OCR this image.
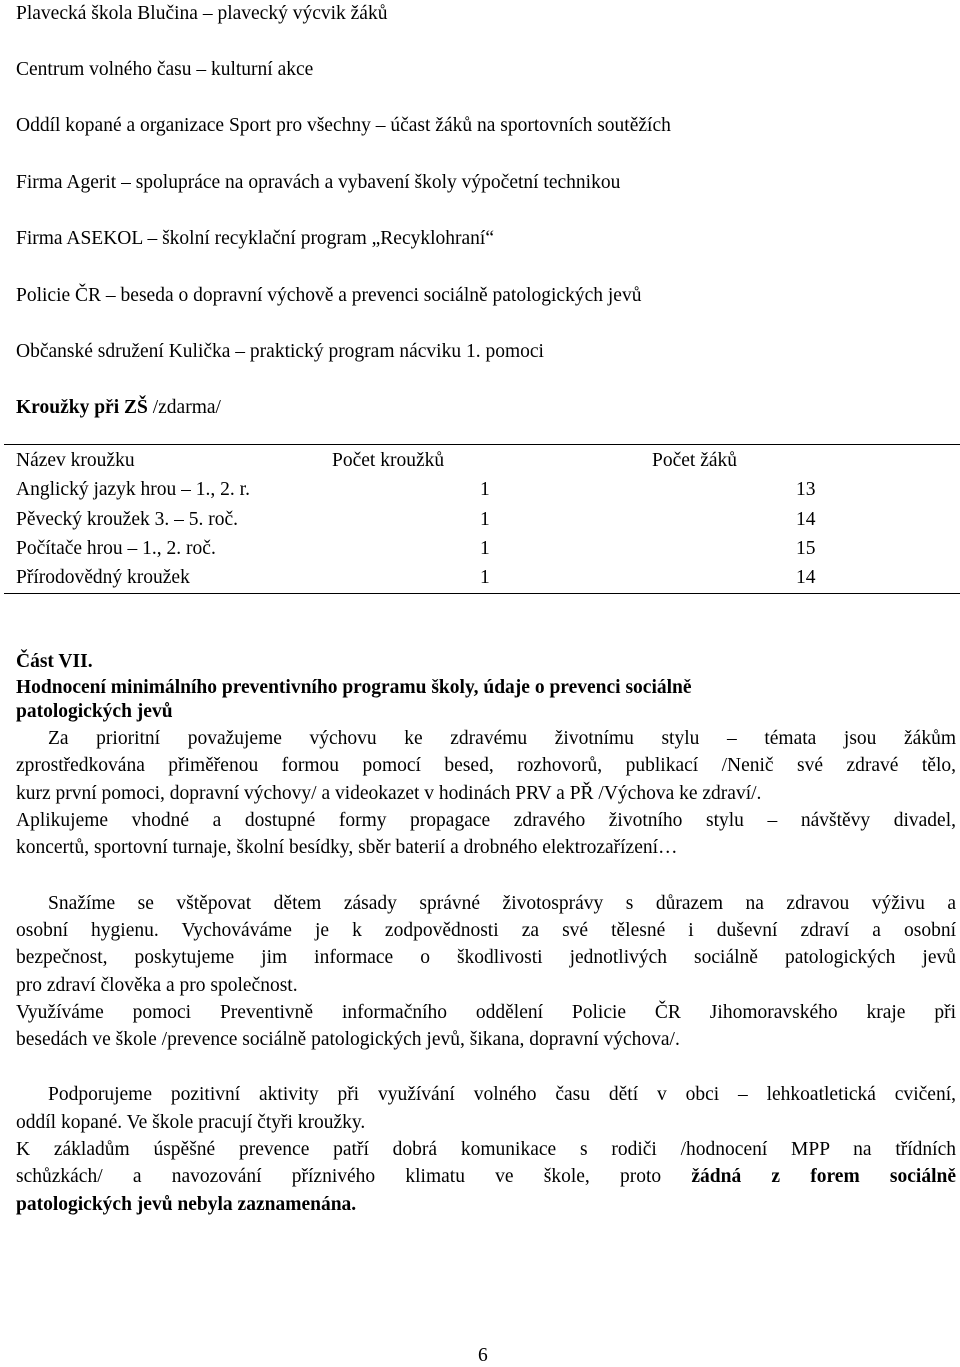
Plavecká škola Blučina – plavecký výcvik žáků

Centrum volného času – kulturní akce

Oddíl kopané a organizace Sport pro všechny – účast žáků na sportovních soutěžích

Firma Agerit – spolupráce na opravách a vybavení školy výpočetní technikou

Firma ASEKOL – školní recyklační program „Recyklohraní“

Policie ČR – beseda o dopravní výchově a prevenci sociálně patologických jevů

Občanské sdružení Kulička – praktický program nácviku 1. pomoci

Kroužky při ZŠ /zdarma/

Název kroužku	Počet kroužků	Počet žáků
Anglický jazyk hrou – 1., 2. r.	1	13
Pěvecký kroužek 3. – 5. roč.	1	14
Počítače hrou – 1., 2. roč.	1	15
Přírodovědný kroužek	1	14
Část VII.
Hodnocení minimálního preventivního programu školy, údaje o prevenci sociálně
patologických jevů
Za prioritní považujeme výchovu ke zdravému životnímu stylu – témata jsou žákům
zprostředkována přiměřenou formou pomocí besed, rozhovorů, publikací /Nenič své zdravé tělo,
kurz první pomoci, dopravní výchovy/ a videokazet v hodinách PRV a PŘ /Výchova ke zdraví/.
Aplikujeme vhodné a dostupné formy propagace zdravého životního stylu – návštěvy divadel,
koncertů, sportovní turnaje, školní besídky, sběr baterií a drobného elektrozařízení…
Snažíme se vštěpovat dětem zásady správné životosprávy s důrazem na zdravou výživu a
osobní hygienu. Vychováváme je k zodpovědnosti za své tělesné i duševní zdraví a osobní
bezpečnost, poskytujeme jim informace o škodlivosti jednotlivých sociálně patologických jevů
pro zdraví člověka a pro společnost.
Využíváme pomoci Preventivně informačního oddělení Policie ČR Jihomoravského kraje při
besedách ve škole /prevence sociálně patologických jevů, šikana, dopravní výchova/.
Podporujeme pozitivní aktivity při využívání volného času dětí v obci – lehkoatletická cvičení,
oddíl kopané. Ve škole pracují čtyři kroužky.
K základům úspěšné prevence patří dobrá komunikace s rodiči /hodnocení MPP na třídních
schůzkách/ a navozování příznivého klimatu ve škole, proto žádná z forem sociálně
patologických jevů nebyla zaznamenána.
6
